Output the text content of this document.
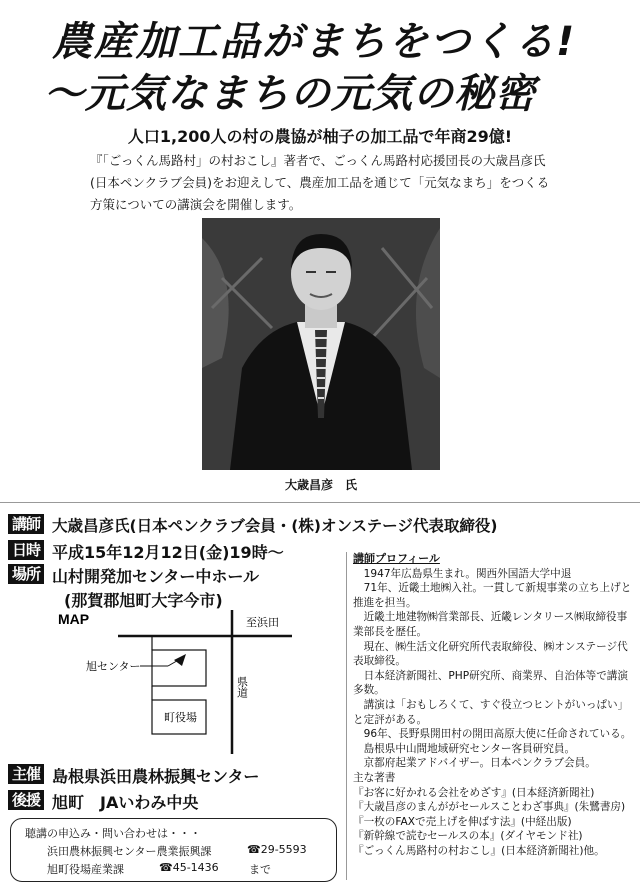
農産加工品がまちをつくる!
〜元気なまちの元気の秘密
人口1,200人の村の農協が柚子の加工品で年商29億!
『「ごっくん馬路村」の村おこし』著者で、ごっくん馬路村応援団長の大歳昌彦氏(日本ペンクラブ会員)をお迎えして、農産加工品を通じて「元気なまち」をつくる方策についての講演会を開催します。
大歳昌彦　氏
講師 大歳昌彦氏(日本ペンクラブ会員・(株)オンステージ代表取締役)
日時 平成15年12月12日(金)19時〜
場所 山村開発加センター中ホール
(那賀郡旭町大字今市)
MAP
旭センター
町役場
至浜田
県道
主催 島根県浜田農林振興センター
後援 旭町　JAいわみ中央

講師プロフィール

　1947年広島県生まれ。関西外国語大学中退

　71年、近畿土地㈱入社。一貫して新規事業の立ち上げと推進を担当。

　近畿土地建物㈱営業部長、近畿レンタリース㈱取締役事業部長を歴任。

　現在、㈱生活文化研究所代表取締役、㈱オンステージ代表取締役。

　日本経済新聞社、PHP研究所、商業界、自治体等で講演多数。

　講演は「おもしろくて、すぐ役立つヒントがいっぱい」と定評がある。

　96年、長野県開田村の開田高原大使に任命されている。

　島根県中山間地域研究センター客員研究員。

　京都府起業アドバイザー。日本ペンクラブ会員。

主な著書

『お客に好かれる会社をめざす』(日本経済新聞社)

『大歳昌彦のまんががセールスことわざ事典』(朱鷺書房)

『一枚のFAXで売上げを伸ばす法』(中経出版)

『新幹線で読むセールスの本』(ダイヤモンド社)

『ごっくん馬路村の村おこし』(日本経済新聞社)他。

聴講の申込み・問い合わせは・・・
浜田農林振興センター農業振興課	☎29-5593
旭町役場産業課	☎45-1436	まで
